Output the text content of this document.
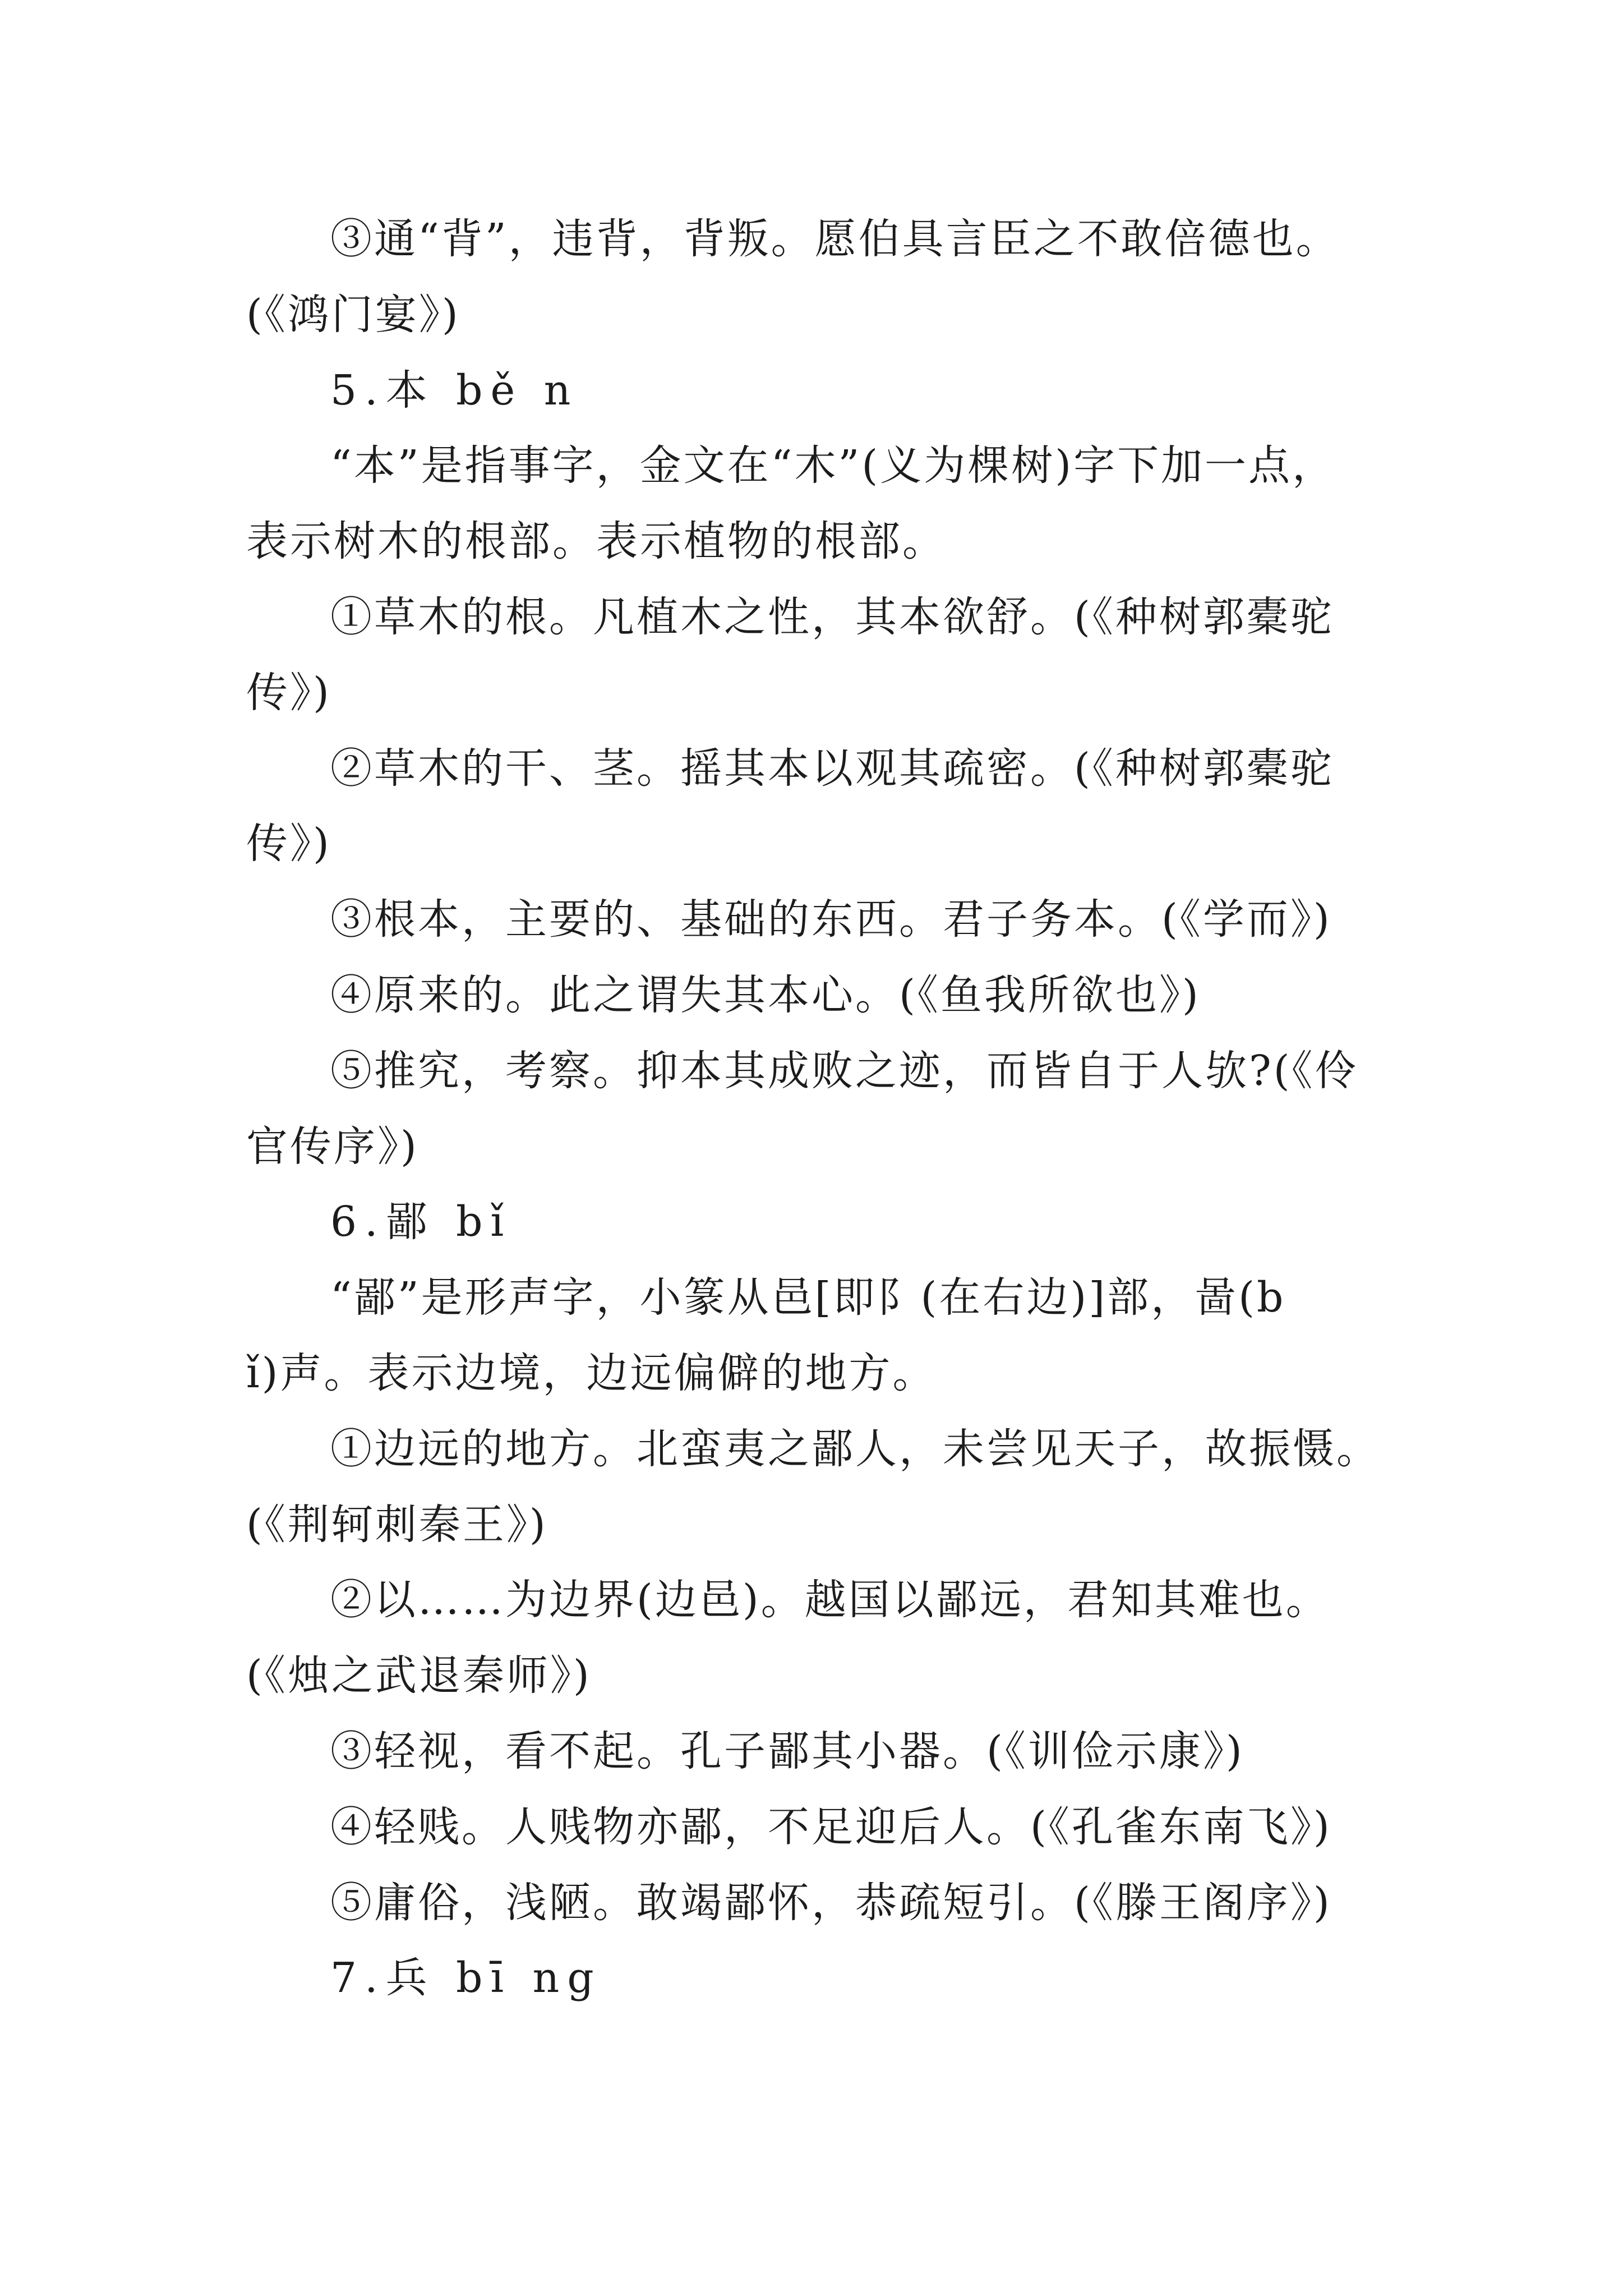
③通“背”，违背，背叛。愿伯具言臣之不敢倍德也。
(《鸿门宴》)
5.本 bě n
“本”是指事字，金文在“木”(义为棵树)字下加一点，
表示树木的根部。表示植物的根部。
①草木的根。凡植木之性，其本欲舒。(《种树郭橐驼
传》)
②草木的干、茎。摇其本以观其疏密。(《种树郭橐驼
传》)
③根本，主要的、基础的东西。君子务本。(《学而》)
④原来的。此之谓失其本心。(《鱼我所欲也》)
⑤推究，考察。抑本其成败之迹，而皆自于人欤?(《伶
官传序》)
6.鄙 bǐ
“鄙”是形声字，小篆从邑[即阝(在右边)]部，啚(b
ǐ)声。表示边境，边远偏僻的地方。
①边远的地方。北蛮夷之鄙人，未尝见天子，故振慑。
(《荆轲刺秦王》)
②以……为边界(边邑)。越国以鄙远，君知其难也。
(《烛之武退秦师》)
③轻视，看不起。孔子鄙其小器。(《训俭示康》)
④轻贱。人贱物亦鄙，不足迎后人。(《孔雀东南飞》)
⑤庸俗，浅陋。敢竭鄙怀，恭疏短引。(《滕王阁序》)
7.兵 bī ng
